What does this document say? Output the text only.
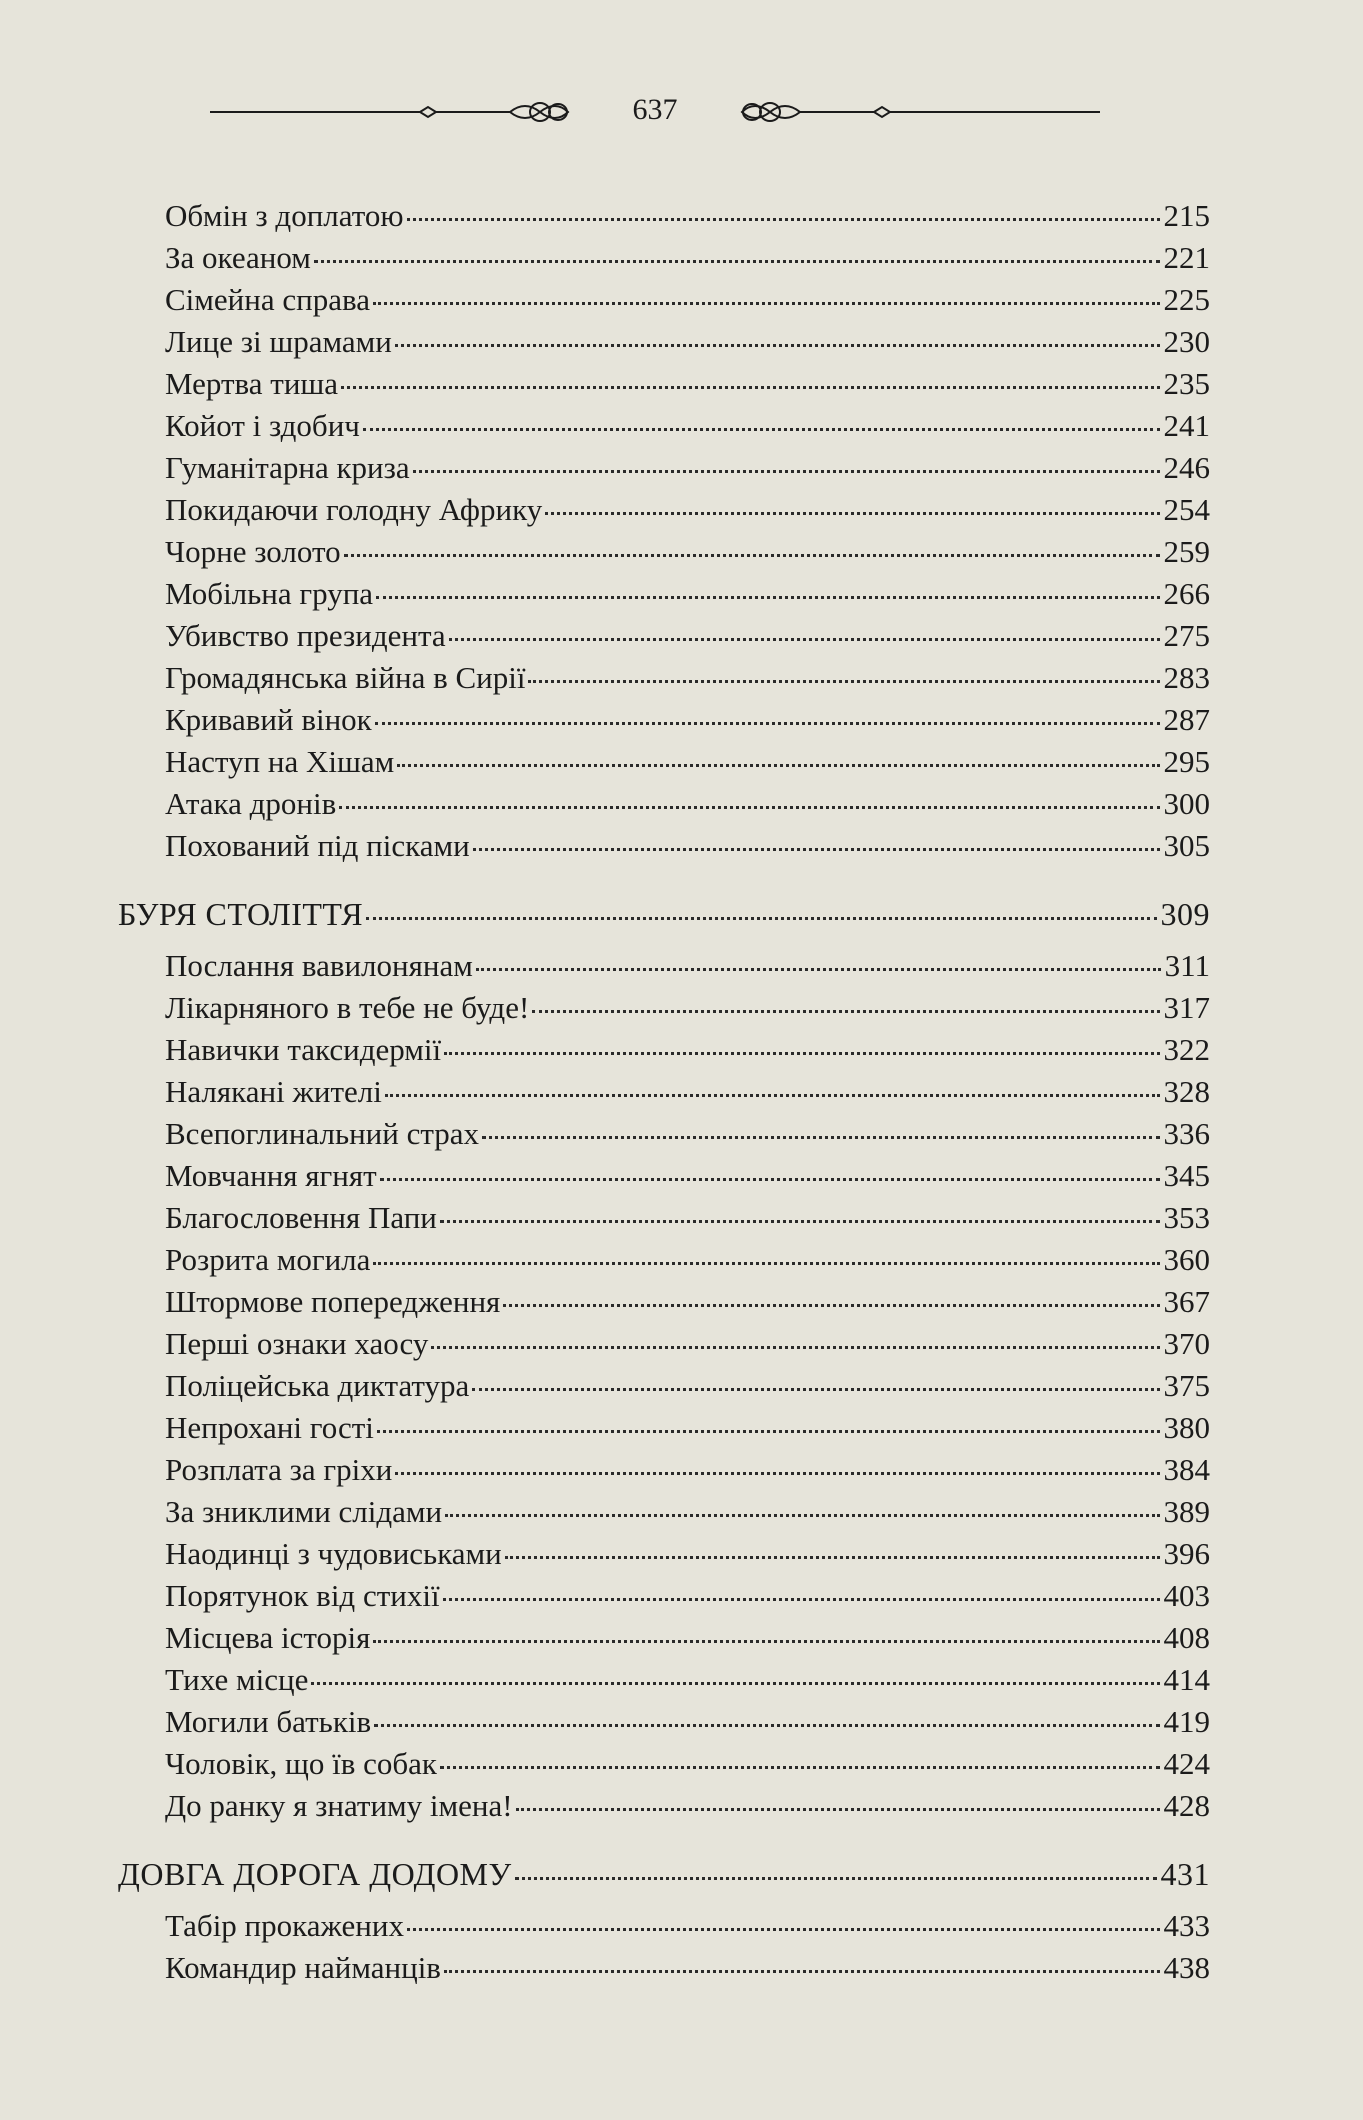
637
Обмін з доплатою	215
За океаном	221
Сімейна справа	225
Лице зі шрамами	230
Мертва тиша	235
Койот і здобич	241
Гуманітарна криза	246
Покидаючи голодну Африку	254
Чорне золото	259
Мобільна група	266
Убивство президента	275
Громадянська війна в Сирії	283
Кривавий вінок	287
Наступ на Хішам	295
Атака дронів	300
Похований під пісками	305
БУРЯ СТОЛІТТЯ	309
Послання вавилонянам	311
Лікарняного в тебе не буде!	317
Навички таксидермії	322
Налякані жителі	328
Всепоглинальний страх	336
Мовчання ягнят	345
Благословення Папи	353
Розрита могила	360
Штормове попередження	367
Перші ознаки хаосу	370
Поліцейська диктатура	375
Непрохані гості	380
Розплата за гріхи	384
За зниклими слідами	389
Наодинці з чудовиськами	396
Порятунок від стихії	403
Місцева історія	408
Тихе місце	414
Могили батьків	419
Чоловік, що їв собак	424
До ранку я знатиму імена!	428
ДОВГА ДОРОГА ДОДОМУ	431
Табір прокажених	433
Командир найманців	438
